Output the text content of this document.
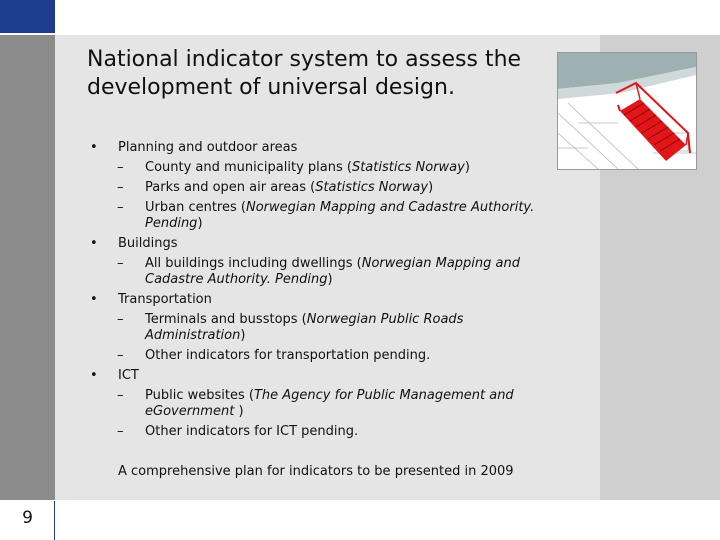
9
National indicator system to assess the development of universal design.
• Planning and outdoor areas
– County and municipality plans (Statistics Norway)
– Parks and open air areas (Statistics Norway)
– Urban centres (Norwegian Mapping and Cadastre Authority. Pending)
• Buildings
– All buildings including dwellings (Norwegian Mapping and Cadastre Authority. Pending)
• Transportation
– Terminals and busstops (Norwegian Public Roads Administration)
– Other indicators for transportation pending.
• ICT
– Public websites (The Agency for Public Management and eGovernment )
– Other indicators for ICT pending.
A comprehensive plan for indicators to be presented in 2009
